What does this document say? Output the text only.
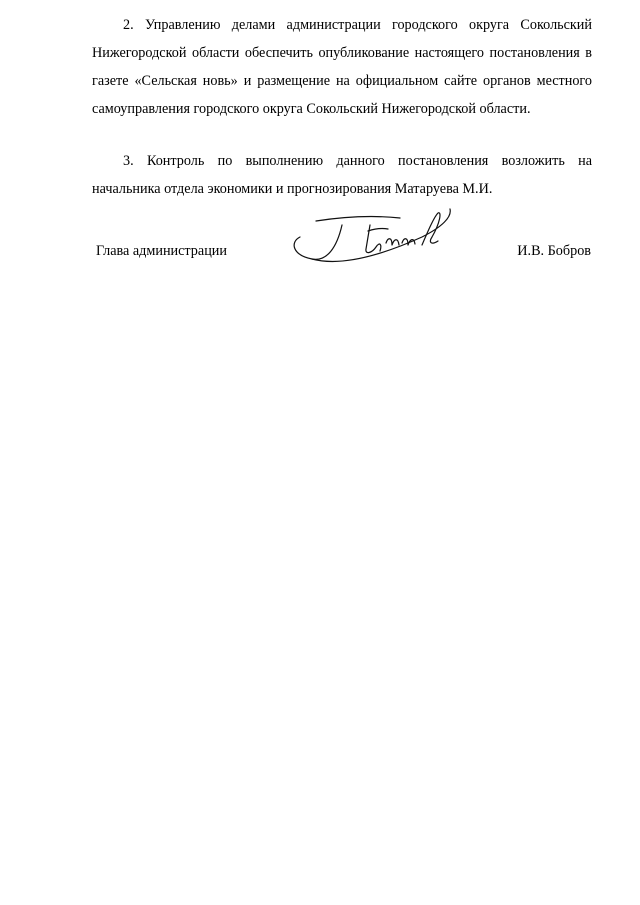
2. Управлению делами администрации городского округа Сокольский Нижегородской области обеспечить опубликование настоящего постановления в газете «Сельская новь» и размещение на официальном сайте органов местного самоуправления городского округа Сокольский Нижегородской области.

3. Контроль по выполнению данного постановления возложить на начальника отдела экономики и прогнозирования Матаруева М.И.

Глава администрации	И.В. Бобров
